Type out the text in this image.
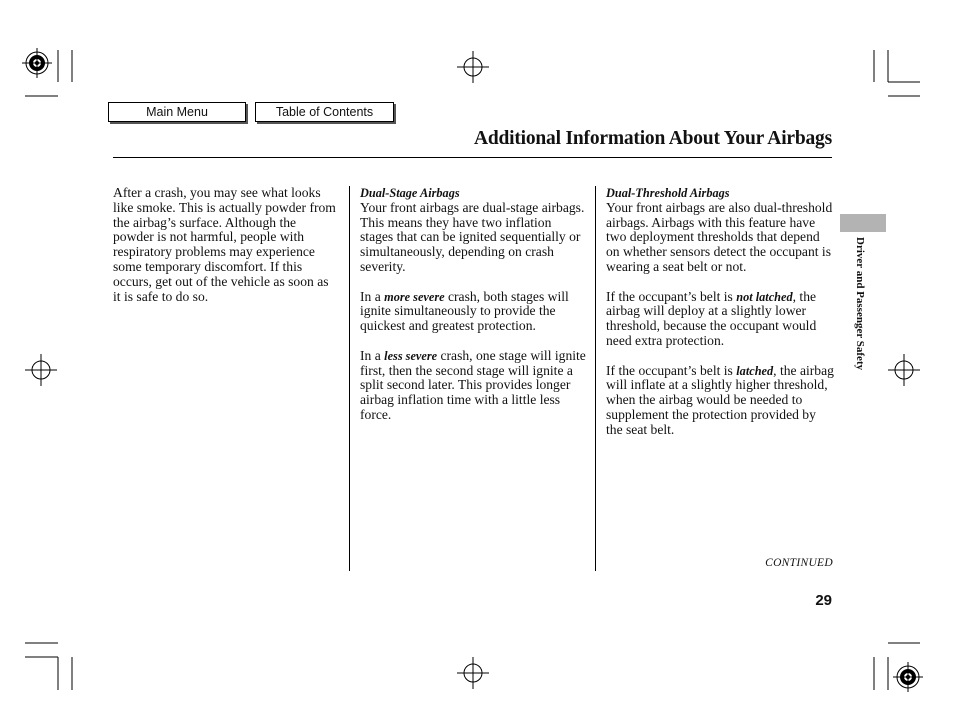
Main Menu	Table of Contents
Additional Information About Your Airbags

After a crash, you may see what looks like smoke. This is actually powder from the airbag’s surface. Although the powder is not harmful, people with respiratory problems may experience some temporary discomfort. If this occurs, get out of the vehicle as soon as it is safe to do so.

Dual-Stage Airbags

Your front airbags are dual-stage airbags. This means they have two inflation stages that can be ignited sequentially or simultaneously, depending on crash severity.

In a more severe crash, both stages will ignite simultaneously to provide the quickest and greatest protection.

In a less severe crash, one stage will ignite first, then the second stage will ignite a split second later. This provides longer airbag inflation time with a little less force.

Dual-Threshold Airbags

Your front airbags are also dual-threshold airbags. Airbags with this feature have two deployment thresholds that depend on whether sensors detect the occupant is wearing a seat belt or not.

If the occupant’s belt is not latched, the airbag will deploy at a slightly lower threshold, because the occupant would need extra protection.

If the occupant’s belt is latched, the airbag will inflate at a slightly higher threshold, when the airbag would be needed to supplement the protection provided by the seat belt.

Driver and Passenger Safety
CONTINUED
29
